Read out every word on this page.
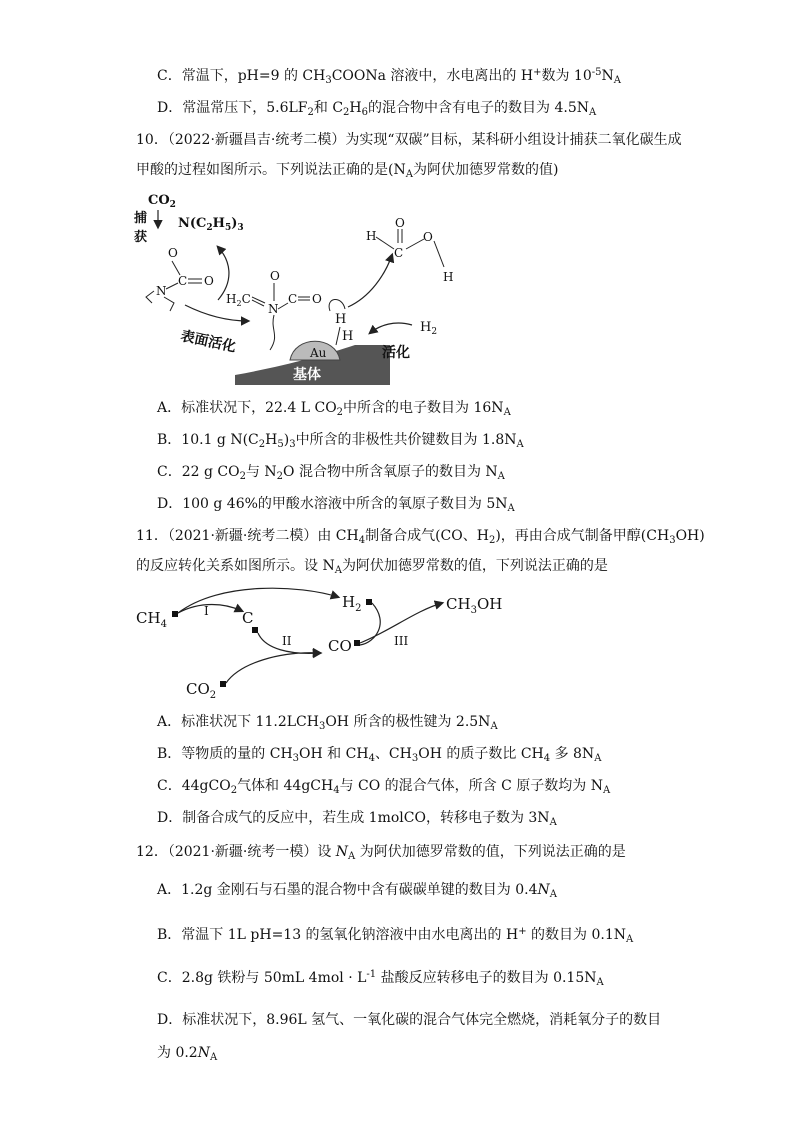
C．常温下，pH=9 的 $CH_3COONa$ 溶液中，水电离出的 H+数为 $10^{-5}N_A$
D．常温常压下，$5.6LF_2$和 $C_2H_6$的混合物中含有电子的数目为 $4.5N_A$
10．（2022·新疆昌吉·统考二模）为实现“双碳”目标，某科研小组设计捕获二氧化碳生成
甲酸的过程如图所示。下列说法正确的是($N_A$为阿伏加德罗常数的值)
Au
基体
$CO_2$
捕
获
$N(C_2H_5)_3$
O
C O
N
表面活化
$H_2C$
N
O
C O
H
H
H
C
O
O
H
$H_2$
活化
A．标准状况下，22.4 L $CO_2$中所含的电子数目为 $16N_A$
B．10.1 g $N(C_2H_5)_3$中所含的非极性共价键数目为 $1.8N_A$
C．22 g $CO_2$与 $N_2O$ 混合物中所含氧原子的数目为 $N_A$
D．100 g 46%的甲酸水溶液中所含的氧原子数目为 $5N_A$
11．（2021·新疆·统考二模）由 $CH_4$制备合成气(CO、$H_2$)，再由合成气制备甲醇$(CH_3OH)$
的反应转化关系如图所示。设 $N_A$为阿伏加德罗常数的值，下列说法正确的是
$CH_4$	C
$H_2$	$CH_3OH$
CO
$CO_2$
I
II	III
A．标准状况下 $11.2LCH_3OH$ 所含的极性键为 $2.5N_A$
B．等物质的量的 $CH_3OH$ 和 $CH_4$、$CH_3OH$ 的质子数比 $CH_4$ 多 $8N_A$
C．44gCO$_2$气体和 44gCH$_4$与 CO 的混合气体，所含 C 原子数均为 $N_A$
D．制备合成气的反应中，若生成 1molCO，转移电子数为 $3N_A$
12．（2021·新疆·统考一模）设 $N_A$ 为阿伏加德罗常数的值，下列说法正确的是
A．1.2g 金刚石与石墨的混合物中含有碳碳单键的数目为 $0.4N_A$
B．常温下 1L pH=13 的氢氧化钠溶液中由水电离出的 H+ 的数目为 $0.1N_A$
C．2.8g 铁粉与 50mL $4mol \cdot L^{-1}$ 盐酸反应转移电子的数目为 $0.15N_A$
D．标准状况下，8.96L 氢气、一氧化碳的混合气体完全燃烧，消耗氧分子的数目
为 $0.2N_A$
